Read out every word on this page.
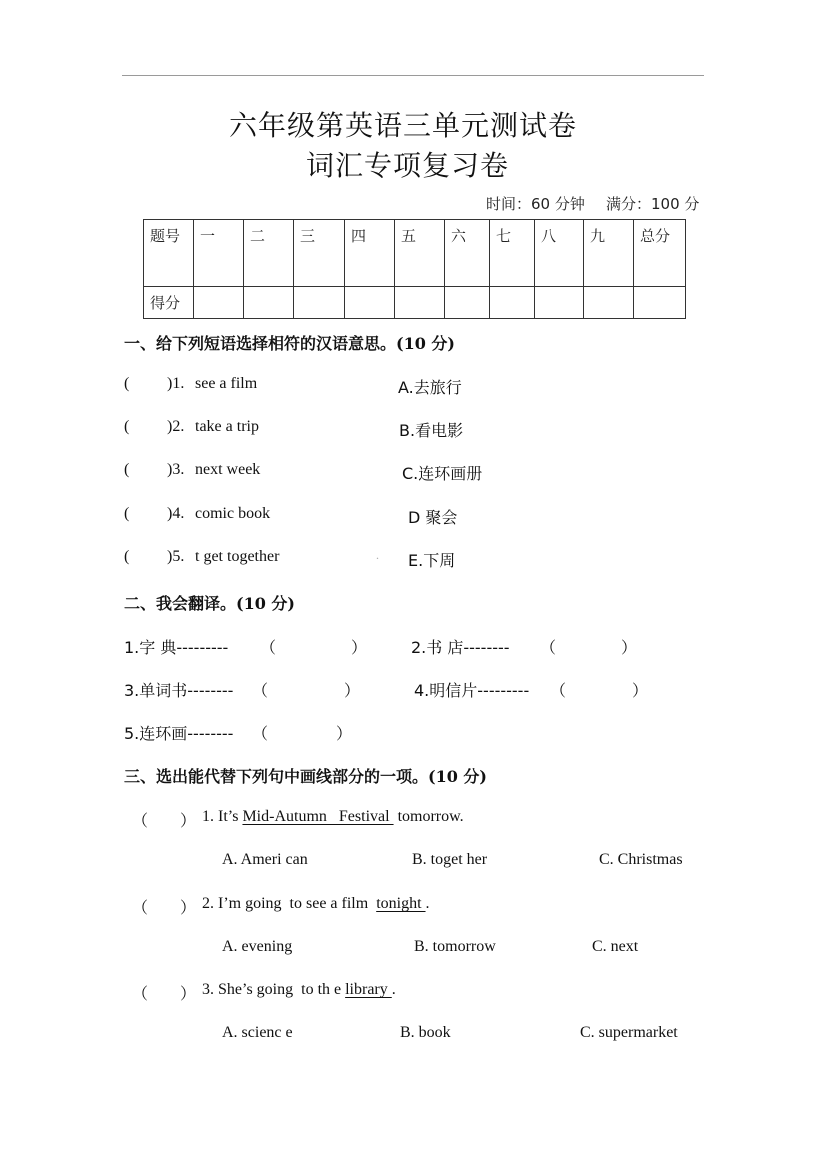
六年级第英语三单元测试卷
词汇专项复习卷
时间：60 分钟 满分：100 分
题号	一	二	三	四	五	六	七	八	九	总分
得分										
一、给下列短语选择相符的汉语意思。(10 分)
( )1. see a film	A.去旅行
( )2. take a trip	B.看电影
( )3. next week	C.连环画册
( )4. comic book	D 聚会
( )5. t get together	. E.下周
二、我会翻译。(10 分)
1.字 典--------- （	）	2.书 店-------- （	）
3.单词书-------- （	）	4.明信片--------- （	）
5.连环画-------- （	）
三、选出能代替下列句中画线部分的一项。(10 分)
（        ） 1. It’s Mid-Autumn   Festival  tomorrow.
A. Ameri can	B. toget her	C. Christmas
（        ） 2. I’m going  to see a film  tonight .
A. evening	B. tomorrow	C. next
（        ） 3. She’s going  to th e library .
A. scienc e	B. book	C. supermarket
